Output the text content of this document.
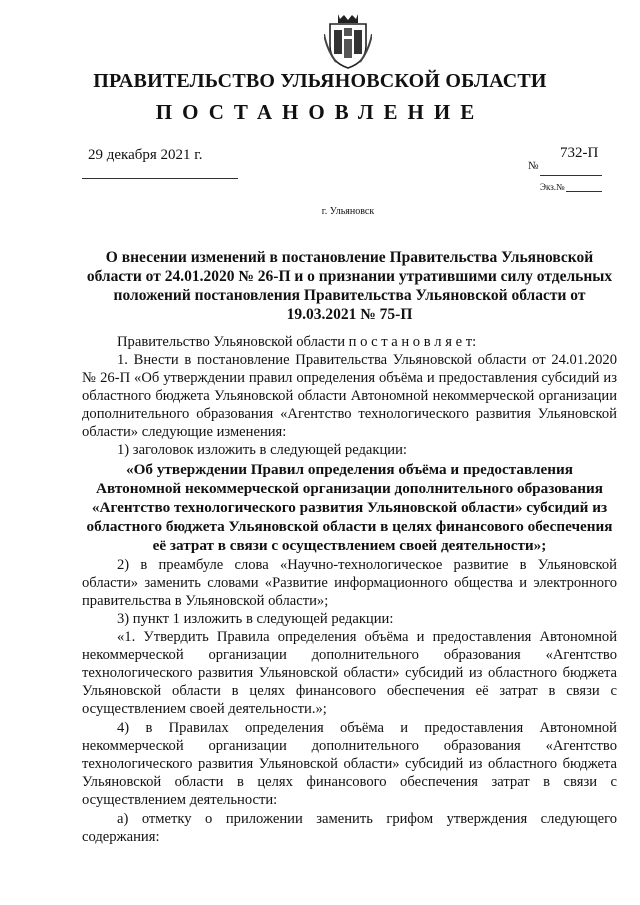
ПРАВИТЕЛЬСТВО УЛЬЯНОВСКОЙ ОБЛАСТИ
ПОСТАНОВЛЕНИЕ
29 декабря 2021 г.
№
732-П
Экз.№
г. Ульяновск
О внесении изменений в постановление Правительства Ульяновской области от 24.01.2020 № 26-П и о признании утратившими силу отдельных положений постановления Правительства Ульяновской области от 19.03.2021 № 75-П

Правительство Ульяновской области п о с т а н о в л я е т:

1. Внести в постановление Правительства Ульяновской области от 24.01.2020 № 26-П «Об утверждении правил определения объёма и предоставления субсидий из областного бюджета Ульяновской области Автономной некоммерческой организации дополнительного образования «Агентство технологического развития Ульяновской области» следующие изменения:

1) заголовок изложить в следующей редакции:

«Об утверждении Правил определения объёма и предоставления Автономной некоммерческой организации дополнительного образования «Агентство технологического развития Ульяновской области» субсидий из областного бюджета Ульяновской области в целях финансового обеспечения её затрат в связи с осуществлением своей деятельности»;

2) в преамбуле слова «Научно-технологическое развитие в Ульяновской области» заменить словами «Развитие информационного общества и электронного правительства в Ульяновской области»;

3) пункт 1 изложить в следующей редакции:

«1. Утвердить Правила определения объёма и предоставления Автономной некоммерческой организации дополнительного образования «Агентство технологического развития Ульяновской области» субсидий из областного бюджета Ульяновской области в целях финансового обеспечения её затрат в связи с осуществлением своей деятельности.»;

4) в Правилах определения объёма и предоставления Автономной некоммерческой организации дополнительного образования «Агентство технологического развития Ульяновской области» субсидий из областного бюджета Ульяновской области в целях финансового обеспечения затрат в связи с осуществлением деятельности:

а) отметку о приложении заменить грифом утверждения следующего содержания:
